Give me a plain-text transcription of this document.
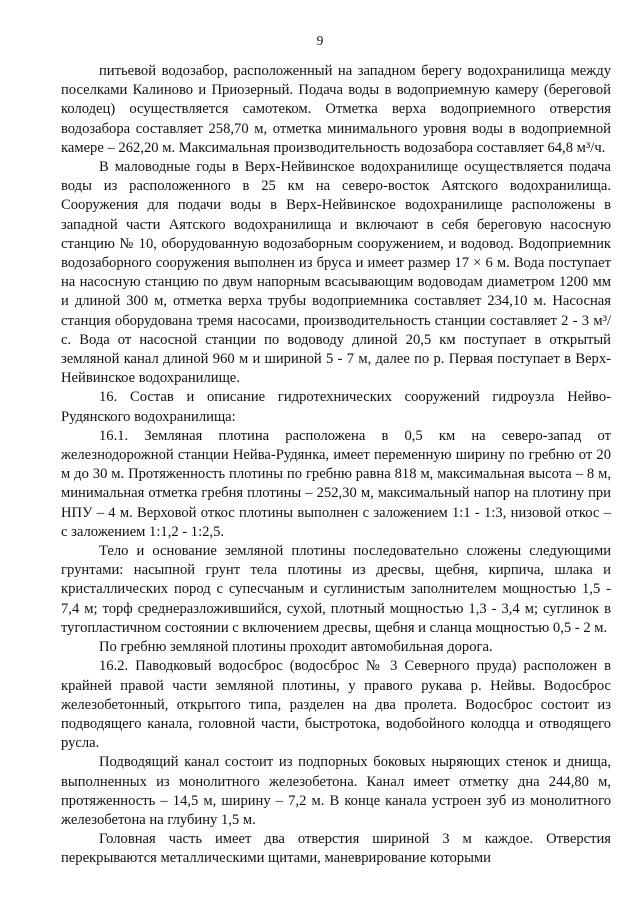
9

питьевой водозабор, расположенный на западном берегу водохранилища между поселками Калиново и Приозерный. Подача воды в водоприемную камеру (береговой колодец) осуществляется самотеком. Отметка верха водоприемного отверстия водозабора составляет 258,70 м, отметка минимального уровня воды в водоприемной камере – 262,20 м. Максимальная производительность водозабора составляет 64,8 м³/ч.

В маловодные годы в Верх-Нейвинское водохранилище осуществляется подача воды из расположенного в 25 км на северо-восток Аятского водохранилища. Сооружения для подачи воды в Верх-Нейвинское водохранилище расположены в западной части Аятского водохранилища и включают в себя береговую насосную станцию № 10, оборудованную водозаборным сооружением, и водовод. Водоприемник водозаборного сооружения выполнен из бруса и имеет размер 17 × 6 м. Вода поступает на насосную станцию по двум напорным всасывающим водоводам диаметром 1200 мм и длиной 300 м, отметка верха трубы водоприемника составляет 234,10 м. Насосная станция оборудована тремя насосами, производительность станции составляет 2 - 3 м³/с. Вода от насосной станции по водоводу длиной 20,5 км поступает в открытый земляной канал длиной 960 м и шириной 5 - 7 м, далее по р. Первая поступает в Верх-Нейвинское водохранилище.

16. Состав и описание гидротехнических сооружений гидроузла Нейво-Рудянского водохранилища:

16.1. Земляная плотина расположена в 0,5 км на северо-запад от железнодорожной станции Нейва-Рудянка, имеет переменную ширину по гребню от 20 м до 30 м. Протяженность плотины по гребню равна 818 м, максимальная высота – 8 м, минимальная отметка гребня плотины – 252,30 м, максимальный напор на плотину при НПУ – 4 м. Верховой откос плотины выполнен с заложением 1:1 - 1:3, низовой откос – с заложением 1:1,2 - 1:2,5.

Тело и основание земляной плотины последовательно сложены следующими грунтами: насыпной грунт тела плотины из дресвы, щебня, кирпича, шлака и кристаллических пород с супесчаным и суглинистым заполнителем мощностью 1,5 - 7,4 м; торф среднеразложившийся, сухой, плотный мощностью 1,3 - 3,4 м; суглинок в тугопластичном состоянии с включением дресвы, щебня и сланца мощностью 0,5 - 2 м.

По гребню земляной плотины проходит автомобильная дорога.

16.2. Паводковый водосброс (водосброс № 3 Северного пруда) расположен в крайней правой части земляной плотины, у правого рукава р. Нейвы. Водосброс железобетонный, открытого типа, разделен на два пролета. Водосброс состоит из подводящего канала, головной части, быстротока, водобойного колодца и отводящего русла.

Подводящий канал состоит из подпорных боковых ныряющих стенок и днища, выполненных из монолитного железобетона. Канал имеет отметку дна 244,80 м, протяженность – 14,5 м, ширину – 7,2 м. В конце канала устроен зуб из монолитного железобетона на глубину 1,5 м.

Головная часть имеет два отверстия шириной 3 м каждое. Отверстия перекрываются металлическими щитами, маневрирование которыми
